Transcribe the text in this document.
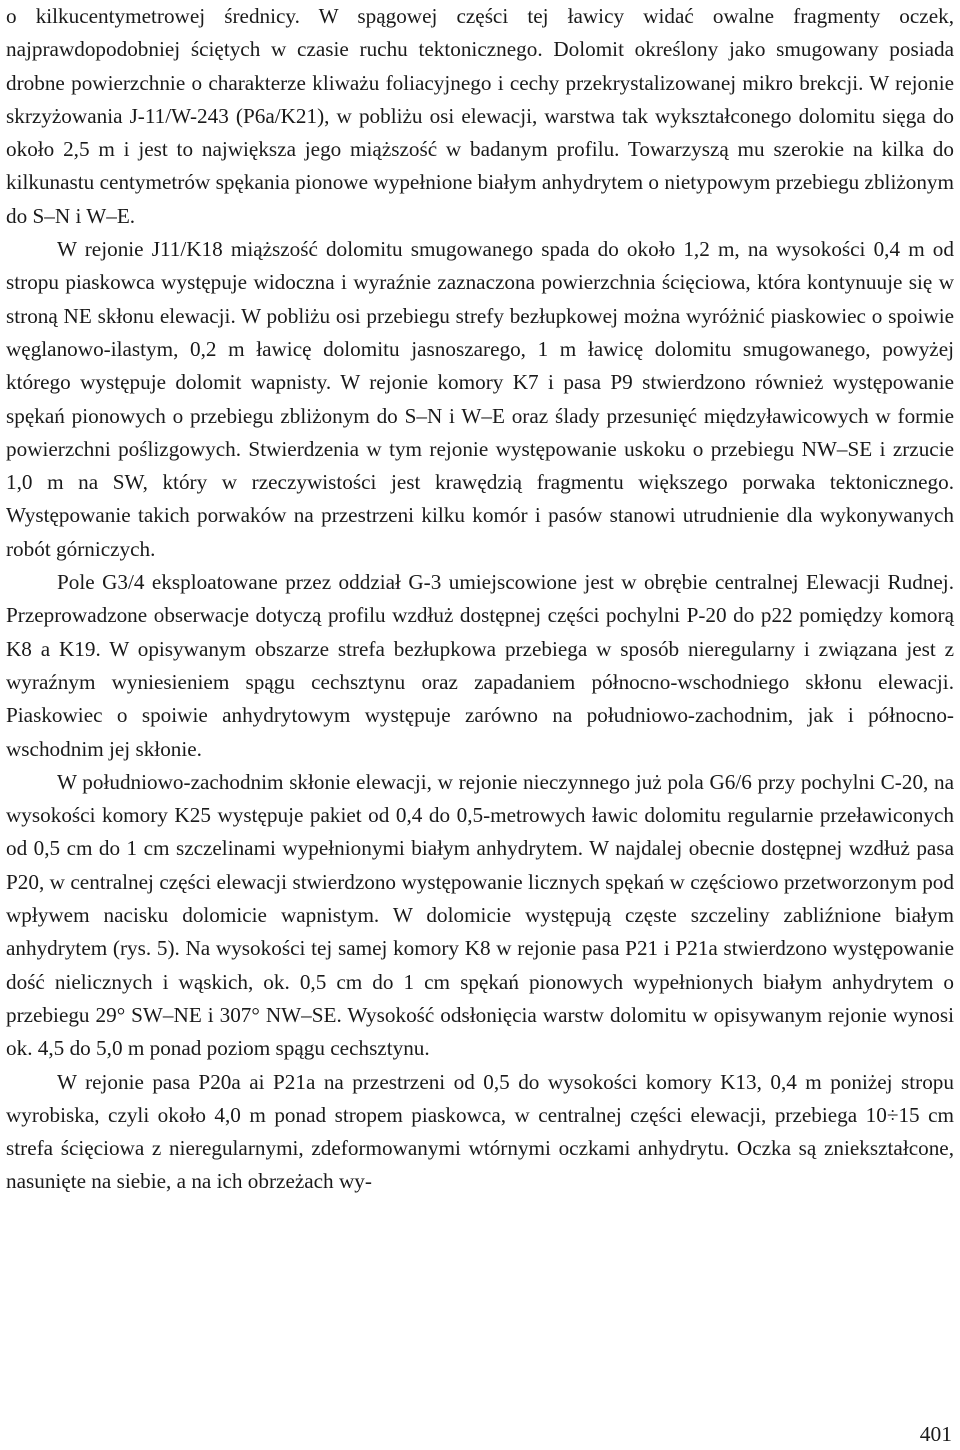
o kilkucentymetrowej średnicy. W spągowej części tej ławicy widać owalne fragmenty oczek, najprawdopodobniej ściętych w czasie ruchu tektonicznego. Dolomit określony jako smugowany posiada drobne powierzchnie o charakterze kliważu foliacyjnego i cechy przekrystalizowanej mikro brekcji. W rejonie skrzyżowania J-11/W-243 (P6a/K21), w pobliżu osi elewacji, warstwa tak wykształconego dolomitu sięga do około 2,5 m i jest to największa jego miąższość w badanym profilu. Towarzyszą mu szerokie na kilka do kilkunastu centymetrów spękania pionowe wypełnione białym anhydrytem o nietypowym przebiegu zbliżonym do S–N i W–E.

W rejonie J11/K18 miąższość dolomitu smugowanego spada do około 1,2 m, na wysokości 0,4 m od stropu piaskowca występuje widoczna i wyraźnie zaznaczona powierzchnia ścięciowa, która kontynuuje się w stroną NE skłonu elewacji. W pobliżu osi przebiegu strefy bezłupkowej można wyróżnić piaskowiec o spoiwie węglanowo-ilastym, 0,2 m ławicę dolomitu jasnoszarego, 1 m ławicę dolomitu smugowanego, powyżej którego występuje dolomit wapnisty. W rejonie komory K7 i pasa P9 stwierdzono również występowanie spękań pionowych o przebiegu zbliżonym do S–N i W–E oraz ślady przesunięć międzyławicowych w formie powierzchni poślizgowych. Stwierdzenia w tym rejonie występowanie uskoku o przebiegu NW–SE i zrzucie 1,0 m na SW, który w rzeczywistości jest krawędzią fragmentu większego porwaka tektonicznego. Występowanie takich porwaków na przestrzeni kilku komór i pasów stanowi utrudnienie dla wykonywanych robót górniczych.

Pole G3/4 eksploatowane przez oddział G-3 umiejscowione jest w obrębie centralnej Elewacji Rudnej. Przeprowadzone obserwacje dotyczą profilu wzdłuż dostępnej części pochylni P-20 do p22 pomiędzy komorą K8 a K19. W opisywanym obszarze strefa bezłupkowa przebiega w sposób nieregularny i związana jest z wyraźnym wyniesieniem spągu cechsztynu oraz zapadaniem północno-wschodniego skłonu elewacji. Piaskowiec o spoiwie anhydrytowym występuje zarówno na południowo-zachodnim, jak i północno-wschodnim jej skłonie.

W południowo-zachodnim skłonie elewacji, w rejonie nieczynnego już pola G6/6 przy pochylni C-20, na wysokości komory K25 występuje pakiet od 0,4 do 0,5-metrowych ławic dolomitu regularnie przeławiconych od 0,5 cm do 1 cm szczelinami wypełnionymi białym anhydrytem. W najdalej obecnie dostępnej wzdłuż pasa P20, w centralnej części elewacji stwierdzono występowanie licznych spękań w częściowo przetworzonym pod wpływem nacisku dolomicie wapnistym. W dolomicie występują częste szczeliny zabliźnione białym anhydrytem (rys. 5). Na wysokości tej samej komory K8 w rejonie pasa P21 i P21a stwierdzono występowanie dość nielicznych i wąskich, ok. 0,5 cm do 1 cm spękań pionowych wypełnionych białym anhydrytem o przebiegu 29° SW–NE i 307° NW–SE. Wysokość odsłonięcia warstw dolomitu w opisywanym rejonie wynosi ok. 4,5 do 5,0 m ponad poziom spągu cechsztynu.

W rejonie pasa P20a ai P21a na przestrzeni od 0,5 do wysokości komory K13, 0,4 m poniżej stropu wyrobiska, czyli około 4,0 m ponad stropem piaskowca, w centralnej części elewacji, przebiega 10÷15 cm strefa ścięciowa z nieregularnymi, zdeformowanymi wtórnymi oczkami anhydrytu. Oczka są zniekształcone, nasunięte na siebie, a na ich obrzeżach wy-

401
